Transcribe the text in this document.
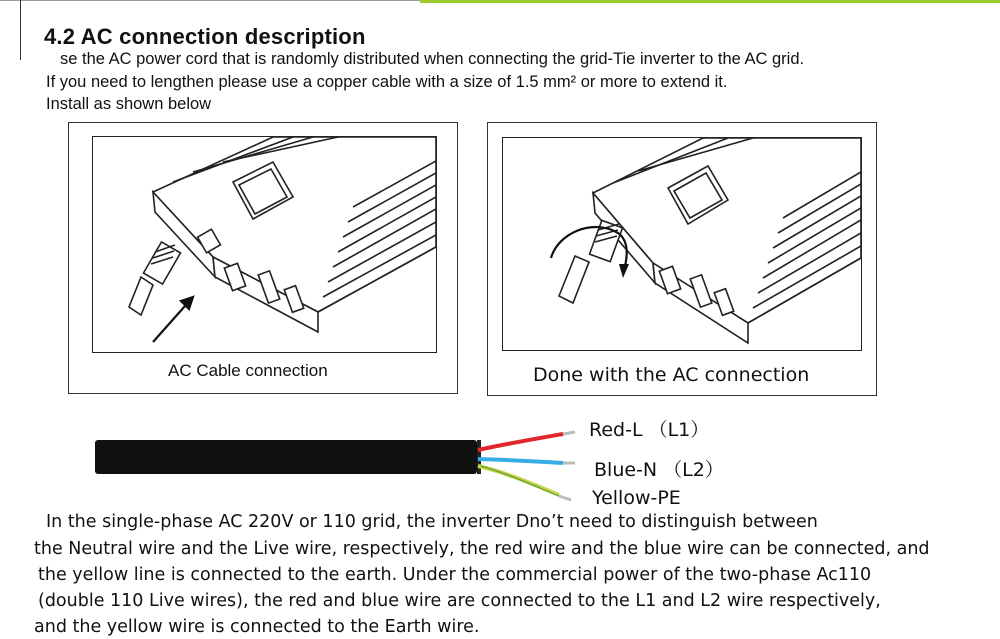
4.2 AC connection description
se the AC power cord that is randomly distributed when connecting the grid-Tie inverter to the AC grid.
If you need to lengthen please use a copper cable with a size of 1.5 mm² or more to extend it.
Install as shown below
AC Cable connection	Done with the AC connection
Red-L （L1）
Blue-N （L2）
Yellow-PE
In the single-phase AC 220V or 110 grid, the inverter Dno’t need to distinguish between
the Neutral wire and the Live wire, respectively, the red wire and the blue wire can be connected, and
the yellow line is connected to the earth. Under the commercial power of the two-phase Ac110
(double 110 Live wires), the red and blue wire are connected to the L1 and L2 wire respectively,
and the yellow wire is connected to the Earth wire.
